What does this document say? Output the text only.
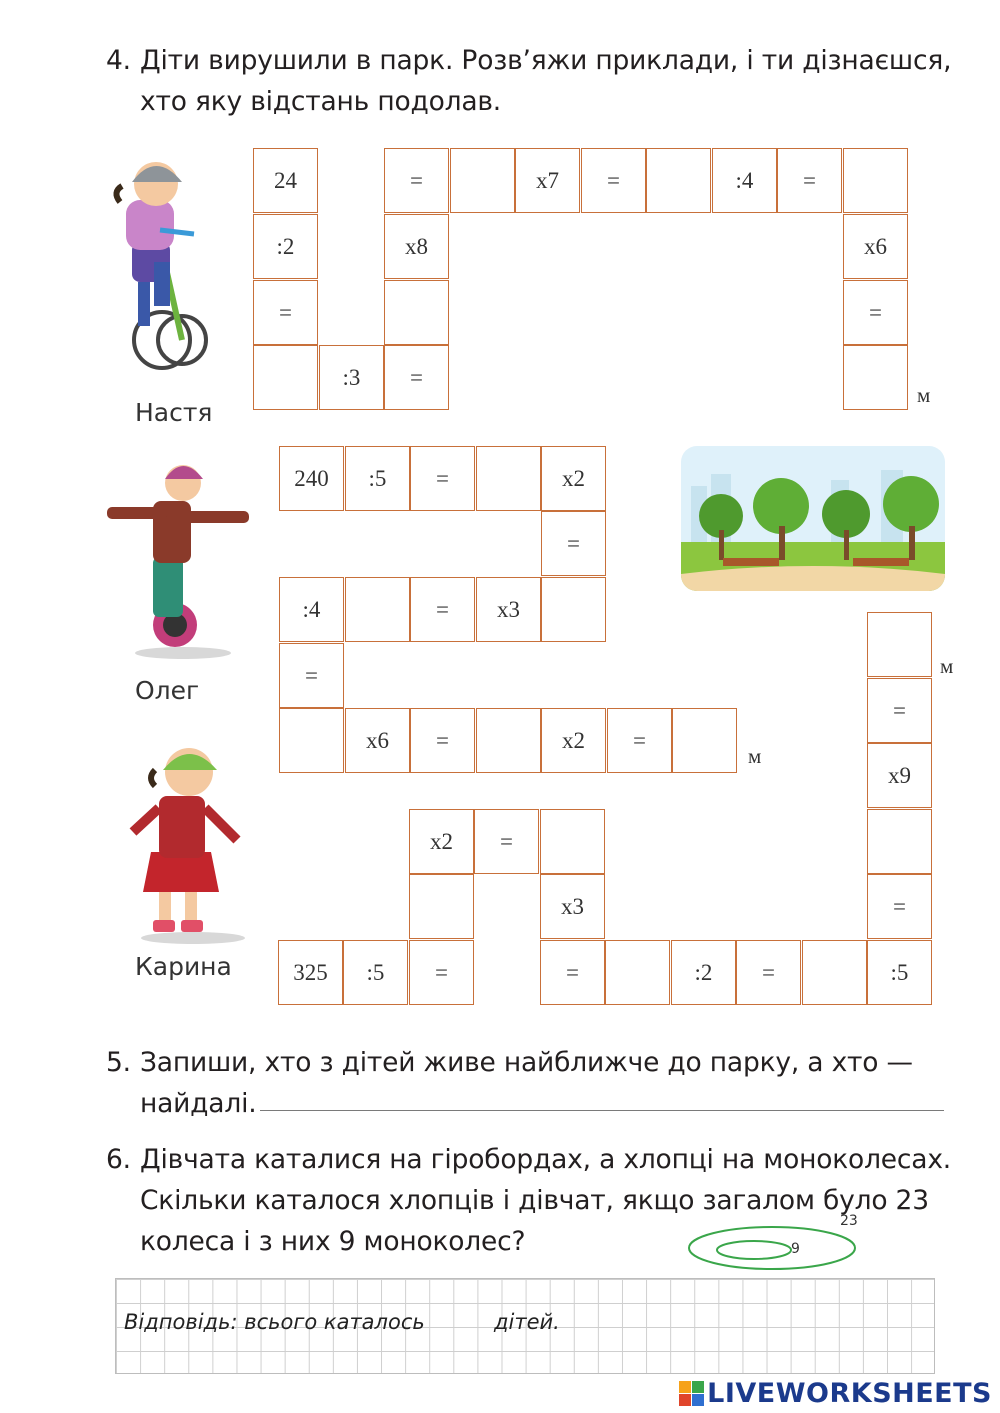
4. Діти вирушили в парк. Розв’яжи приклади, і ти дізнаєшся,
хто яку відстань подолав.
Настя
Олег
Карина
24
:2
=
:3	=
x8
=	x7	=	:4	=
x6
=
м
240	:5	=	x2
=
x3
=
:4
=
x6	=	x2	=
м
325	:5	=
x2	=
x3
=	:2	=	:5
=
x9
=
м
5. Запиши, хто з дітей живе найближче до парку, а хто —
найдалі.
6. Дівчата каталися на гіробордах, а хлопці на моноколесах.
Скільки каталося хлопців і дівчат, якщо загалом було 23
колеса і з них 9 моноколес?
23
9
Відповідь: всього каталось	дітей.
LIVEWORKSHEETS
